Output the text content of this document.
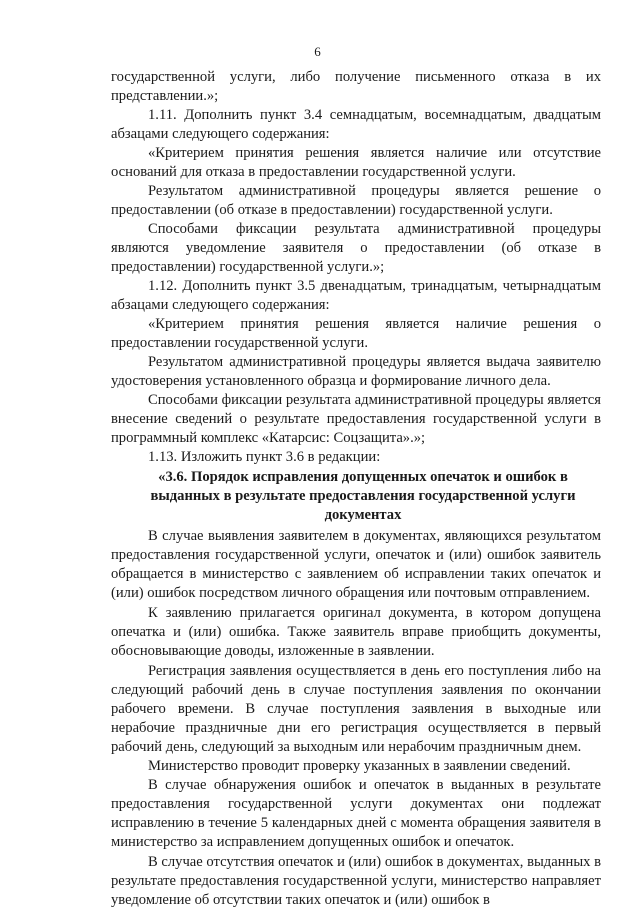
6

государственной услуги, либо получение письменного отказа в их представлении.»;

1.11. Дополнить пункт 3.4 семнадцатым, восемнадцатым, двадцатым абзацами следующего содержания:

«Критерием принятия решения является наличие или отсутствие оснований для отказа в предоставлении государственной услуги.

Результатом административной процедуры является решение о предоставлении (об отказе в предоставлении) государственной услуги.

Способами фиксации результата административной процедуры являются уведомление заявителя о предоставлении (об отказе в предоставлении) государственной услуги.»;

1.12. Дополнить пункт 3.5 двенадцатым, тринадцатым, четырнадцатым абзацами следующего содержания:

«Критерием принятия решения является наличие решения о предоставлении государственной услуги.

Результатом административной процедуры является выдача заявителю удостоверения установленного образца и формирование личного дела.

Способами фиксации результата административной процедуры является внесение сведений о результате предоставления государственной услуги в программный комплекс «Катарсис: Соцзащита».»;

1.13. Изложить пункт 3.6 в редакции:

«3.6. Порядок исправления допущенных опечаток и ошибок в выданных в результате предоставления государственной услуги документах

В случае выявления заявителем в документах, являющихся результатом предоставления государственной услуги, опечаток и (или) ошибок заявитель обращается в министерство с заявлением об исправлении таких опечаток и (или) ошибок посредством личного обращения или почтовым отправлением.

К заявлению прилагается оригинал документа, в котором допущена опечатка и (или) ошибка. Также заявитель вправе приобщить документы, обосновывающие доводы, изложенные в заявлении.

Регистрация заявления осуществляется в день его поступления либо на следующий рабочий день в случае поступления заявления по окончании рабочего времени. В случае поступления заявления в выходные или нерабочие праздничные дни его регистрация осуществляется в первый рабочий день, следующий за выходным или нерабочим праздничным днем.

Министерство проводит проверку указанных в заявлении сведений.

В случае обнаружения ошибок и опечаток в выданных в результате предоставления государственной услуги документах они подлежат исправлению в течение 5 календарных дней с момента обращения заявителя в министерство за исправлением допущенных ошибок и опечаток.

В случае отсутствия опечаток и (или) ошибок в документах, выданных в результате предоставления государственной услуги, министерство направляет уведомление об отсутствии таких опечаток и (или) ошибок в
